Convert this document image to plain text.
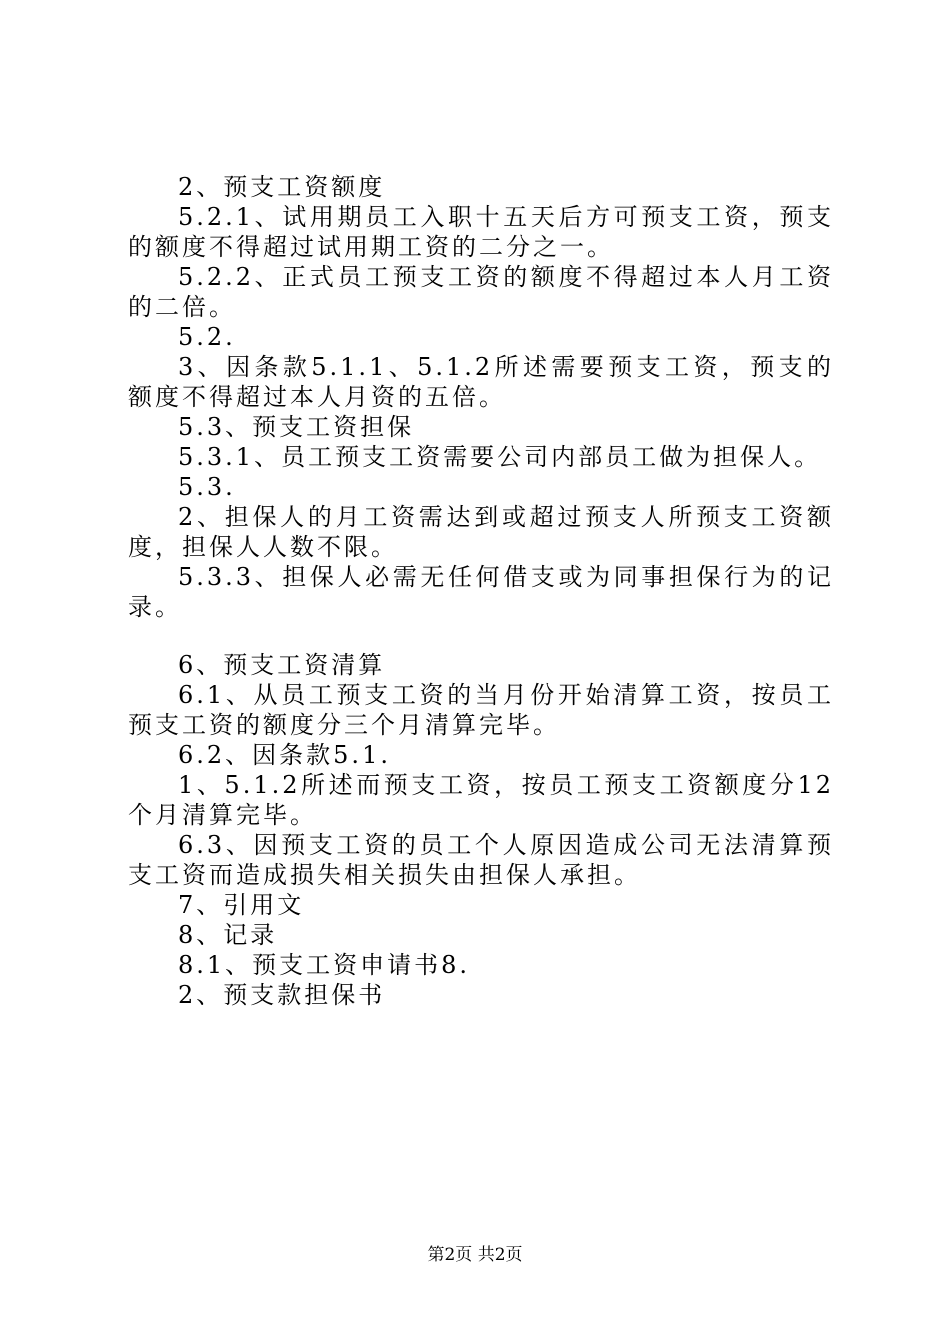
2、预支工资额度

5.2.1、试用期员工入职十五天后方可预支工资，预支的额度不得超过试用期工资的二分之一。

5.2.2、正式员工预支工资的额度不得超过本人月工资的二倍。

5.2.

3、因条款5.1.1、5.1.2所述需要预支工资，预支的额度不得超过本人月资的五倍。

5.3、预支工资担保

5.3.1、员工预支工资需要公司内部员工做为担保人。

5.3.

2、担保人的月工资需达到或超过预支人所预支工资额度，担保人人数不限。

5.3.3、担保人必需无任何借支或为同事担保行为的记录。

6、预支工资清算

6.1、从员工预支工资的当月份开始清算工资，按员工预支工资的额度分三个月清算完毕。

6.2、因条款5.1.

1、5.1.2所述而预支工资，按员工预支工资额度分12个月清算完毕。

6.3、因预支工资的员工个人原因造成公司无法清算预支工资而造成损失相关损失由担保人承担。

7、引用文

8、记录

8.1、预支工资申请书8.

2、预支款担保书

第2页 共2页
